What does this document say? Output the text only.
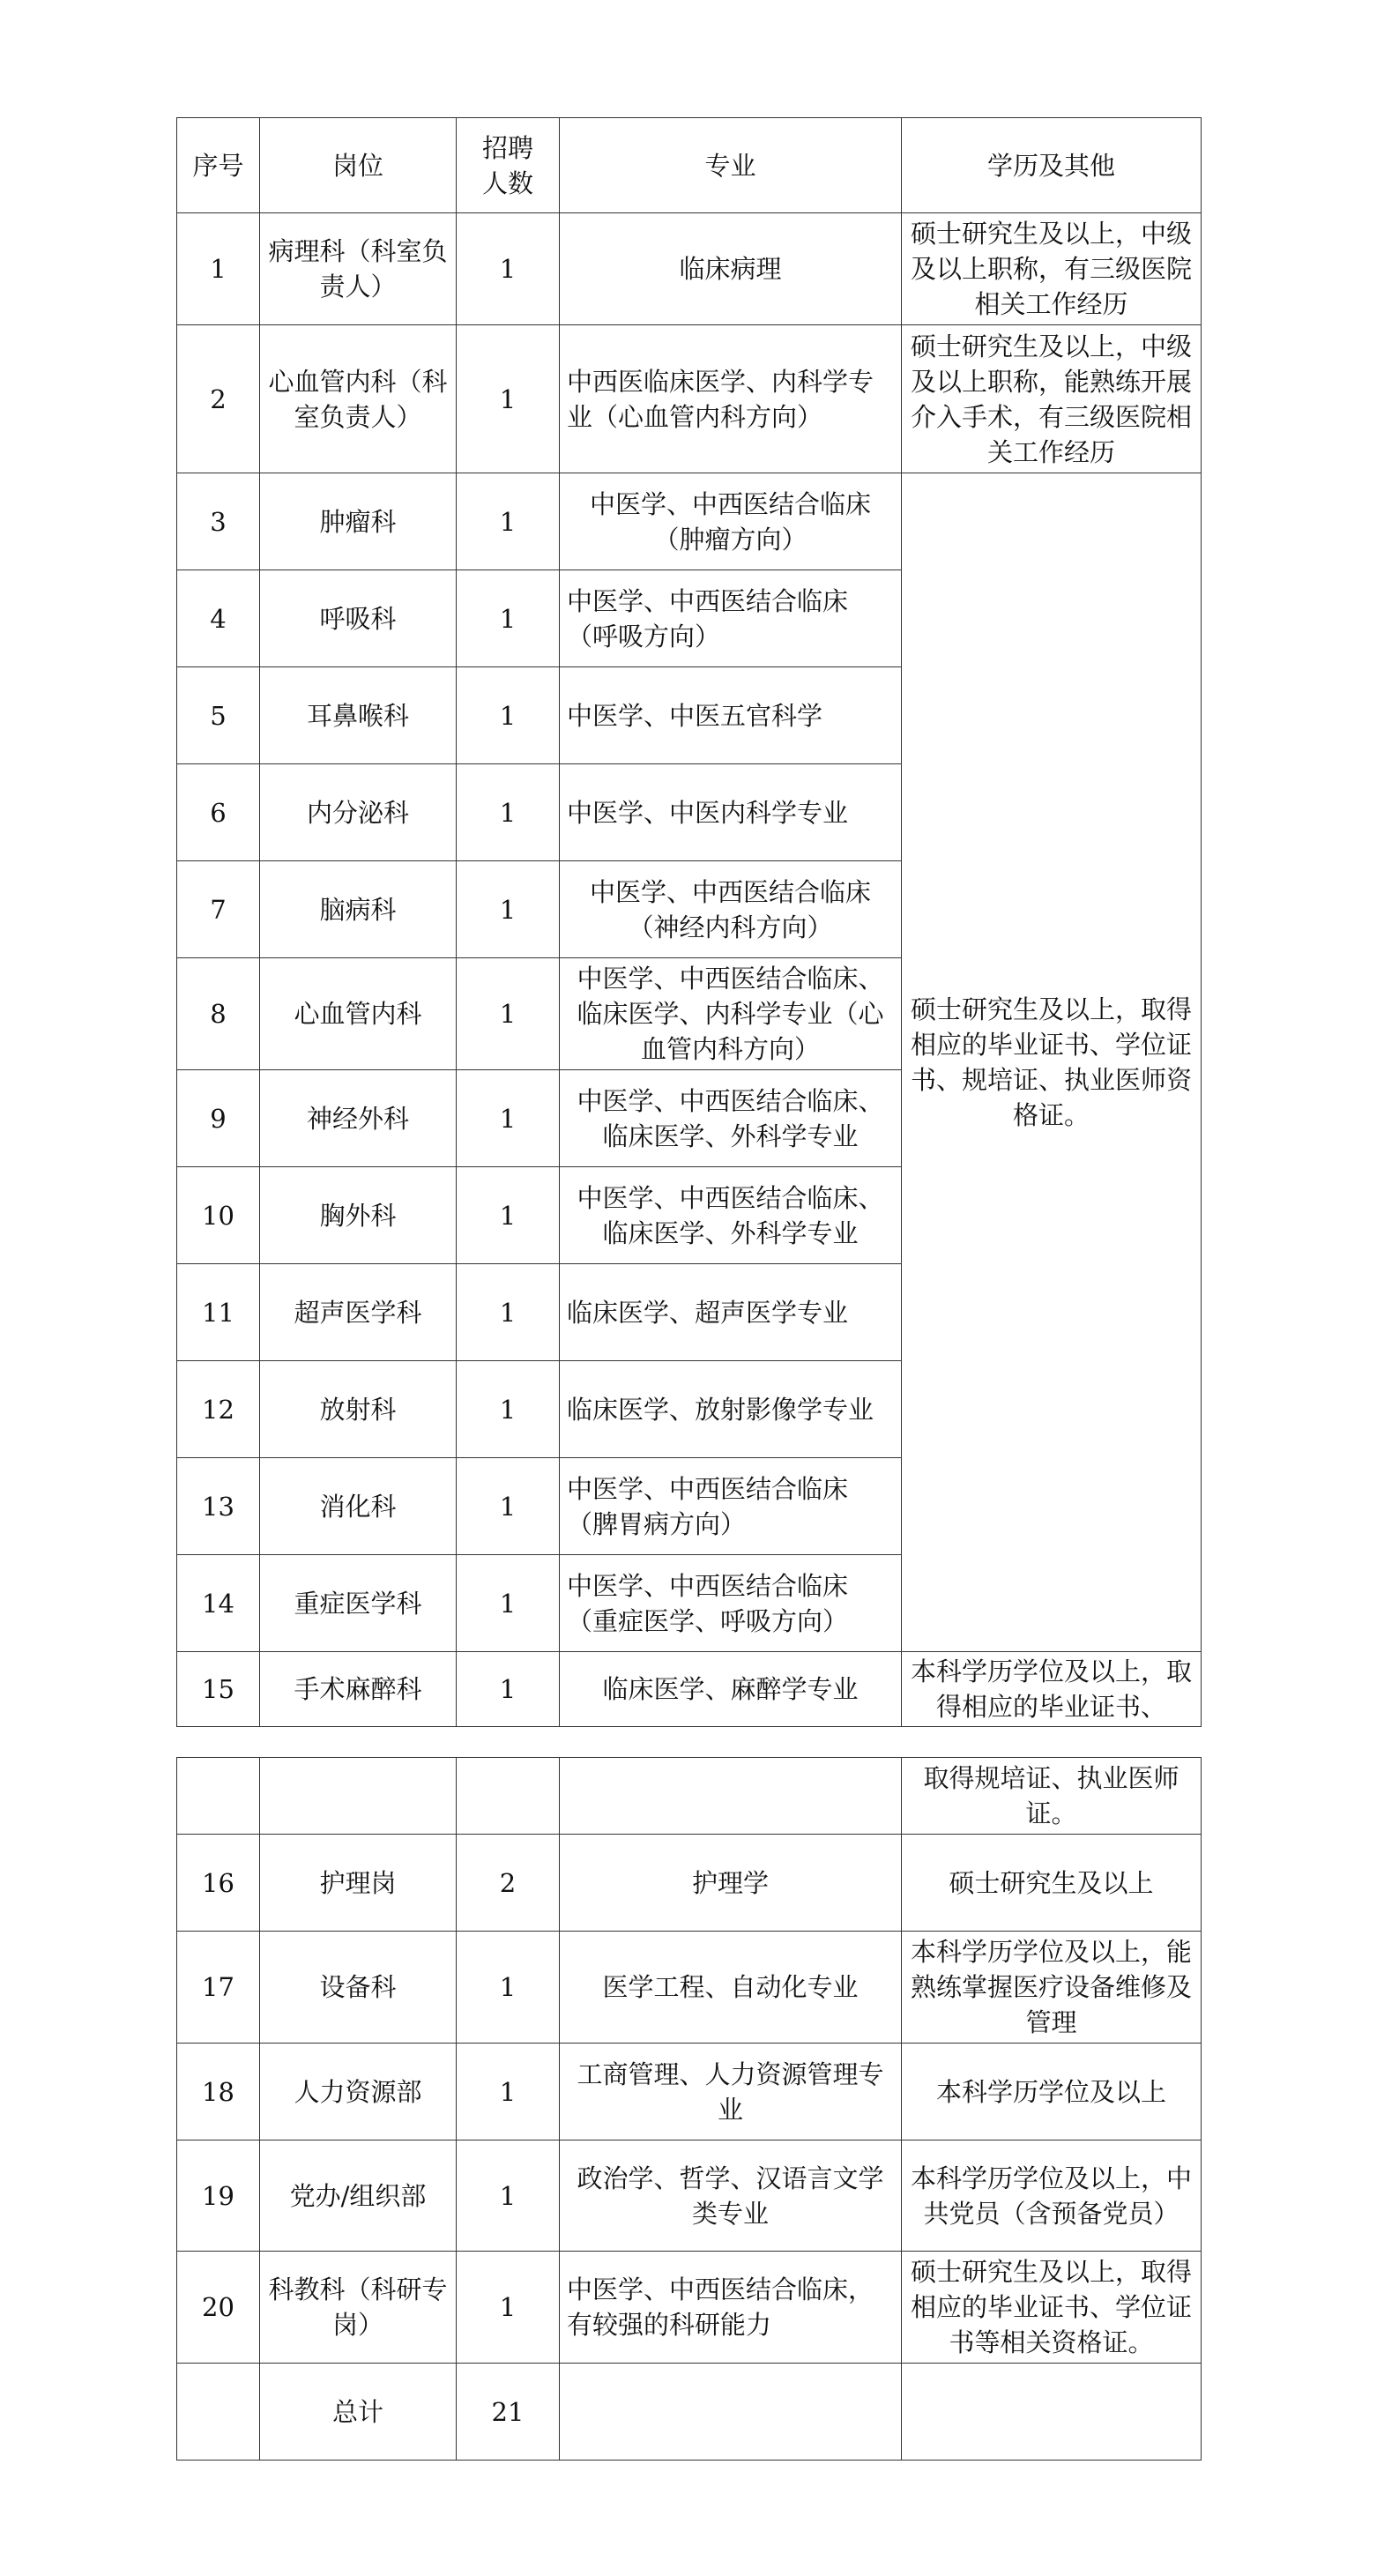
序号	岗位	招聘人数	专业	学历及其他
1	病理科（科室负责人）	1	临床病理	硕士研究生及以上，中级及以上职称，有三级医院相关工作经历
2	心血管内科（科室负责人）	1	中西医临床医学、内科学专业（心血管内科方向）	硕士研究生及以上，中级及以上职称，能熟练开展介入手术，有三级医院相关工作经历
3	肿瘤科	1	中医学、中西医结合临床（肿瘤方向）	硕士研究生及以上，取得相应的毕业证书、学位证书、规培证、执业医师资格证。
4	呼吸科	1	中医学、中西医结合临床（呼吸方向）	
5	耳鼻喉科	1	中医学、中医五官科学	
6	内分泌科	1	中医学、中医内科学专业	
7	脑病科	1	中医学、中西医结合临床（神经内科方向）	
8	心血管内科	1	中医学、中西医结合临床、临床医学、内科学专业（心血管内科方向）	
9	神经外科	1	中医学、中西医结合临床、临床医学、外科学专业	
10	胸外科	1	中医学、中西医结合临床、临床医学、外科学专业	
11	超声医学科	1	临床医学、超声医学专业	
12	放射科	1	临床医学、放射影像学专业	
13	消化科	1	中医学、中西医结合临床（脾胃病方向）	
14	重症医学科	1	中医学、中西医结合临床（重症医学、呼吸方向）	
15	手术麻醉科	1	临床医学、麻醉学专业	本科学历学位及以上，取得相应的毕业证书、
				取得规培证、执业医师证。
16	护理岗	2	护理学	硕士研究生及以上
17	设备科	1	医学工程、自动化专业	本科学历学位及以上，能熟练掌握医疗设备维修及管理
18	人力资源部	1	工商管理、人力资源管理专业	本科学历学位及以上
19	党办/组织部	1	政治学、哲学、汉语言文学类专业	本科学历学位及以上，中共党员（含预备党员）
20	科教科（科研专岗）	1	中医学、中西医结合临床，有较强的科研能力	硕士研究生及以上，取得相应的毕业证书、学位证书等相关资格证。
	总计	21		
